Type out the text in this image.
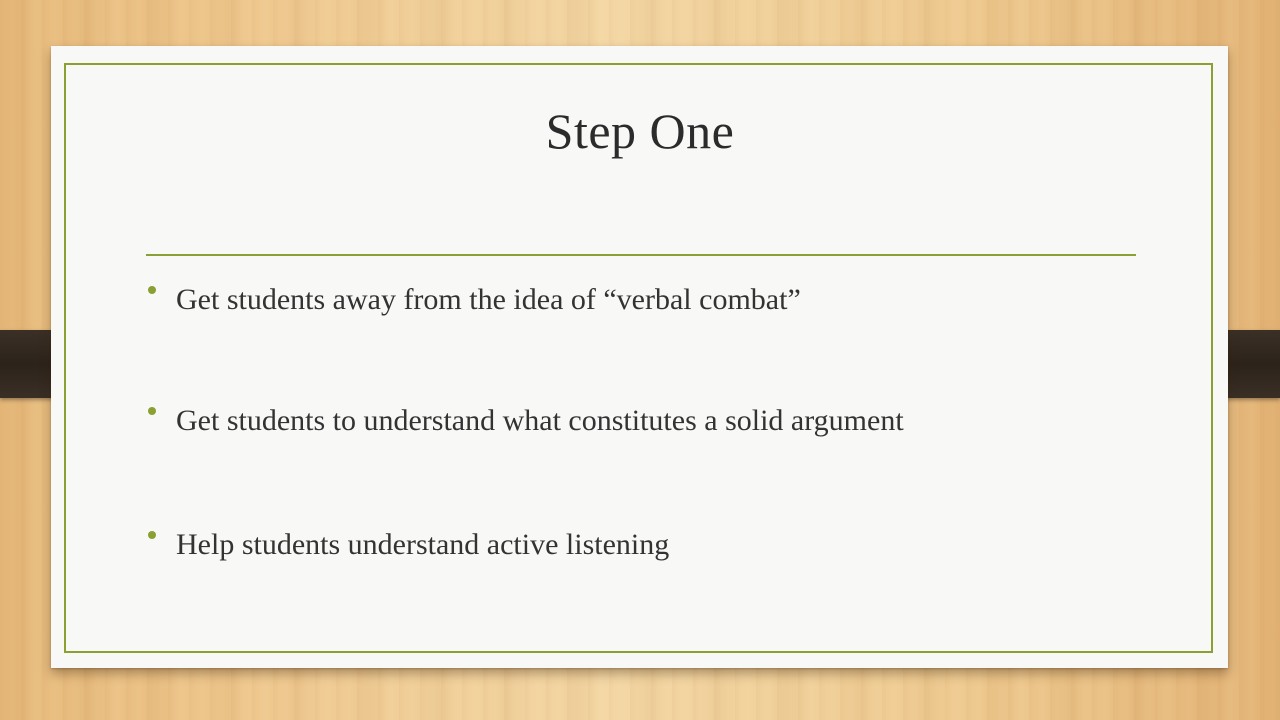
Step One
Get students away from the idea of “verbal combat”
Get students to understand what constitutes a solid argument
Help students understand active listening
